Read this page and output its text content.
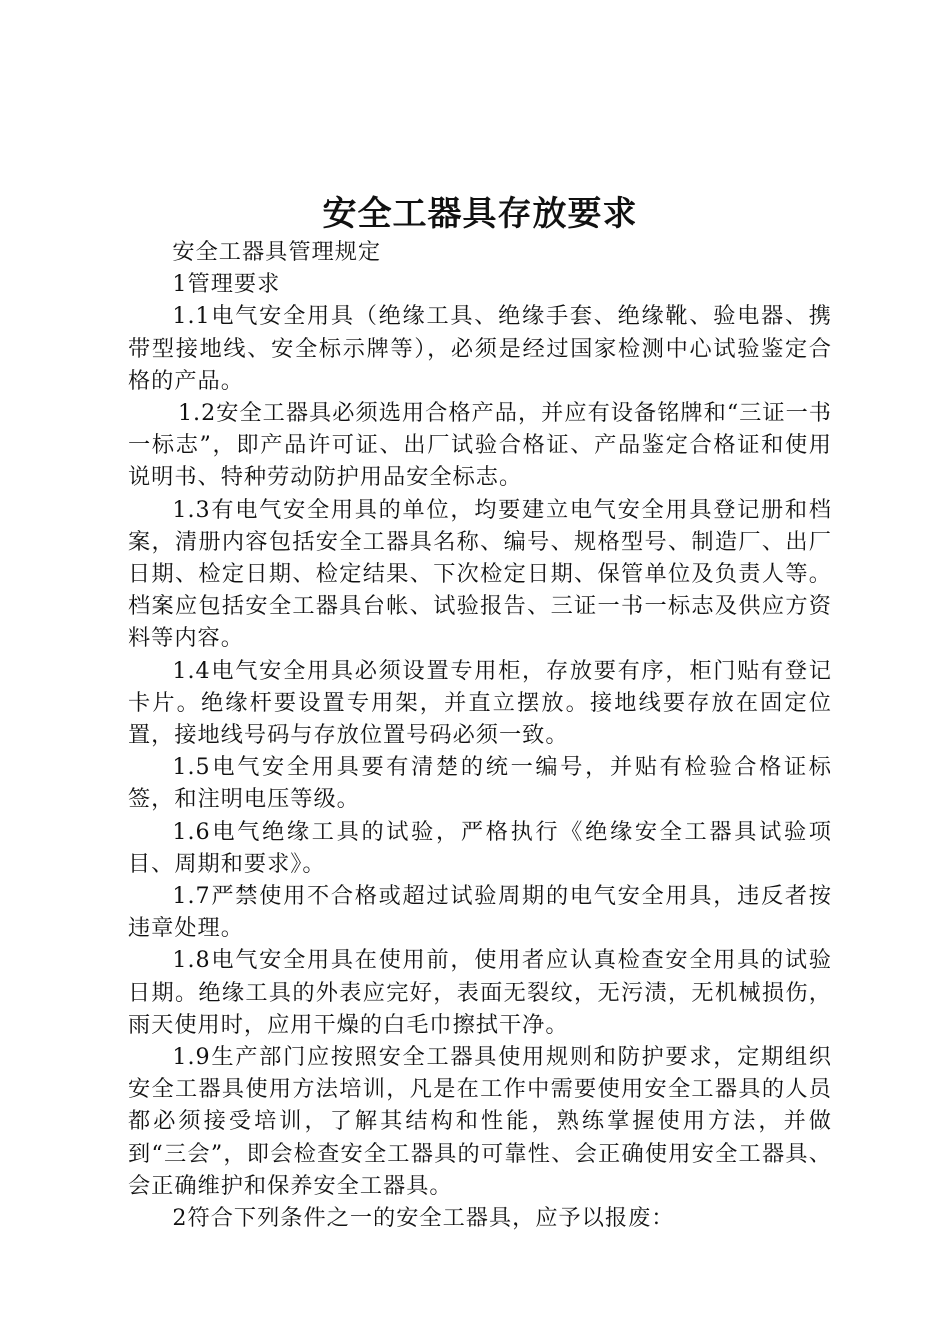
安全工器具存放要求

安全工器具管理规定

1管理要求

1.1电气安全用具（绝缘工具、绝缘手套、绝缘靴、验电器、携带型接地线、安全标示牌等），必须是经过国家检测中心试验鉴定合格的产品。

1.2安全工器具必须选用合格产品，并应有设备铭牌和“三证一书一标志”，即产品许可证、出厂试验合格证、产品鉴定合格证和使用说明书、特种劳动防护用品安全标志。

1.3有电气安全用具的单位，均要建立电气安全用具登记册和档案，清册内容包括安全工器具名称、编号、规格型号、制造厂、出厂日期、检定日期、检定结果、下次检定日期、保管单位及负责人等。档案应包括安全工器具台帐、试验报告、三证一书一标志及供应方资料等内容。

1.4电气安全用具必须设置专用柜，存放要有序，柜门贴有登记卡片。绝缘杆要设置专用架，并直立摆放。接地线要存放在固定位置，接地线号码与存放位置号码必须一致。

1.5电气安全用具要有清楚的统一编号，并贴有检验合格证标签，和注明电压等级。

1.6电气绝缘工具的试验，严格执行《绝缘安全工器具试验项目、周期和要求》。

1.7严禁使用不合格或超过试验周期的电气安全用具，违反者按违章处理。

1.8电气安全用具在使用前，使用者应认真检查安全用具的试验日期。绝缘工具的外表应完好，表面无裂纹，无污渍，无机械损伤，雨天使用时，应用干燥的白毛巾擦拭干净。

1.9生产部门应按照安全工器具使用规则和防护要求，定期组织安全工器具使用方法培训，凡是在工作中需要使用安全工器具的人员都必须接受培训，了解其结构和性能，熟练掌握使用方法，并做到“三会”，即会检查安全工器具的可靠性、会正确使用安全工器具、会正确维护和保养安全工器具。

2符合下列条件之一的安全工器具，应予以报废：
